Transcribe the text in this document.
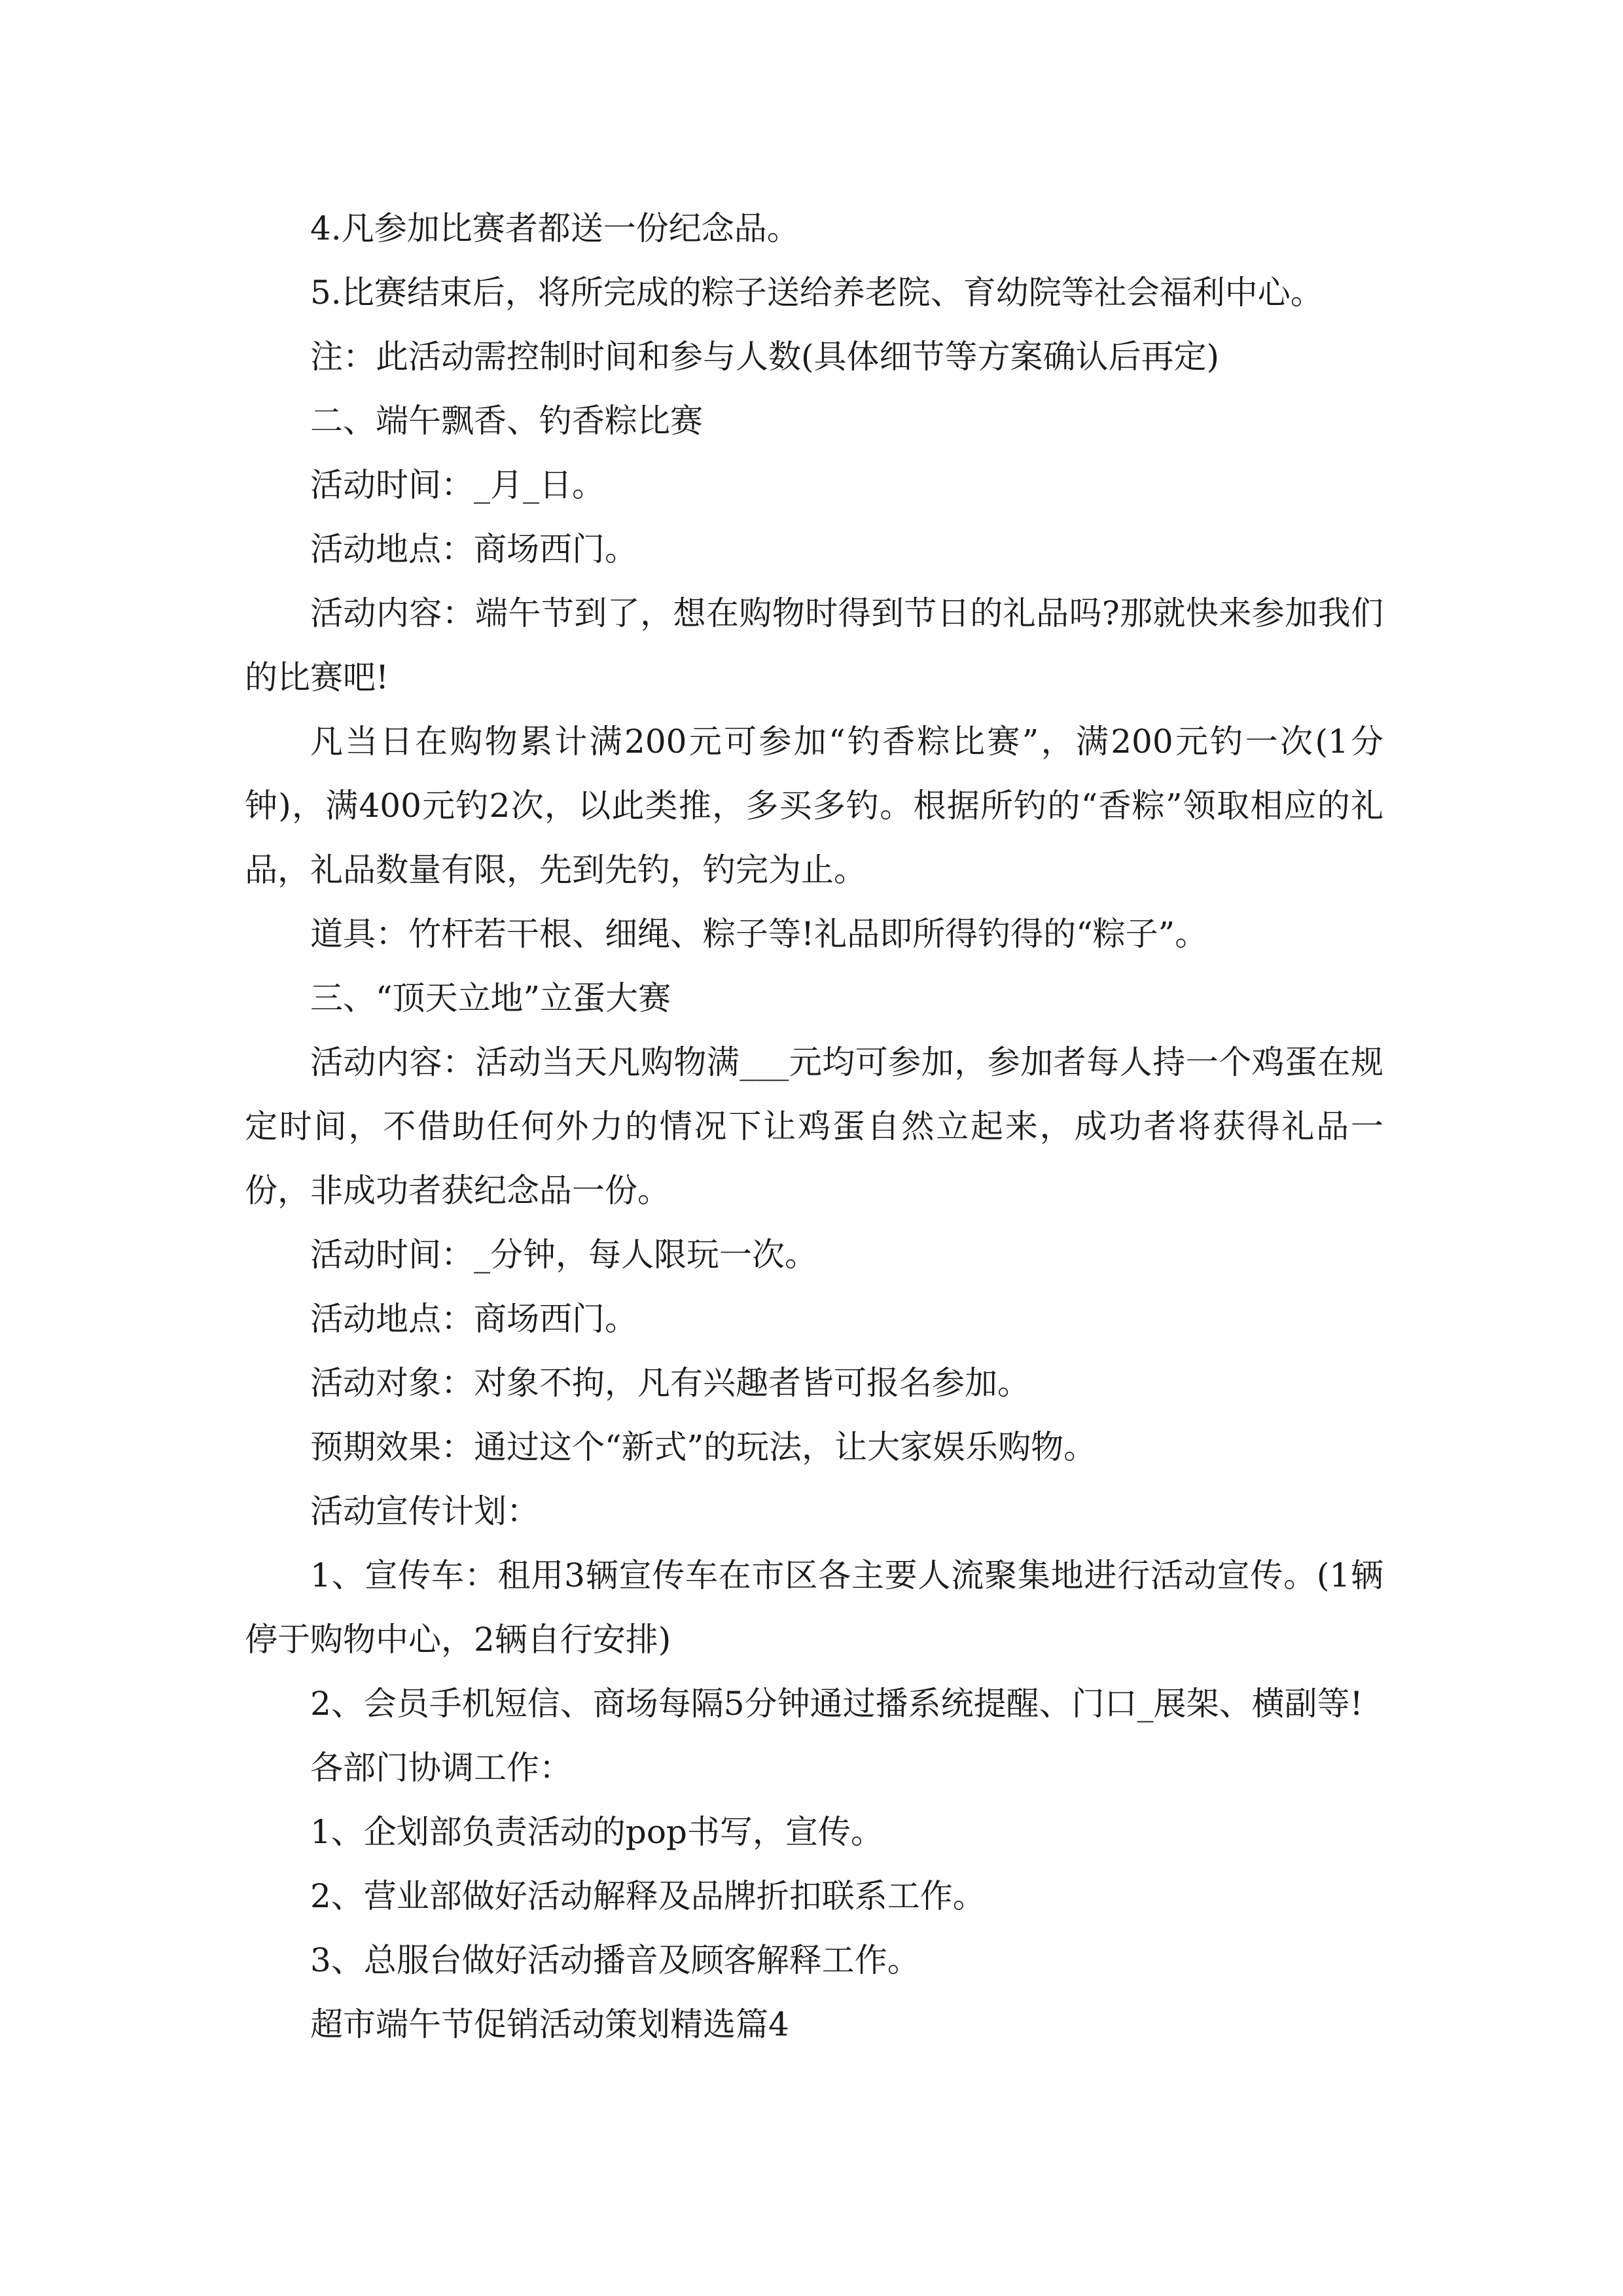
4.凡参加比赛者都送一份纪念品。

5.比赛结束后，将所完成的粽子送给养老院、育幼院等社会福利中心。

注：此活动需控制时间和参与人数(具体细节等方案确认后再定)

二、端午飘香、钓香粽比赛

活动时间：_月_日。

活动地点：商场西门。

活动内容：端午节到了，想在购物时得到节日的礼品吗?那就快来参加我们的比赛吧!

凡当日在购物累计满200元可参加“钓香粽比赛”，满200元钓一次(1分钟)，满400元钓2次，以此类推，多买多钓。根据所钓的“香粽”领取相应的礼品，礼品数量有限，先到先钓，钓完为止。

道具：竹杆若干根、细绳、粽子等!礼品即所得钓得的“粽子”。

三、“顶天立地”立蛋大赛

活动内容：活动当天凡购物满___元均可参加，参加者每人持一个鸡蛋在规定时间，不借助任何外力的情况下让鸡蛋自然立起来，成功者将获得礼品一份，非成功者获纪念品一份。

活动时间：_分钟，每人限玩一次。

活动地点：商场西门。

活动对象：对象不拘，凡有兴趣者皆可报名参加。

预期效果：通过这个“新式”的玩法，让大家娱乐购物。

活动宣传计划：

1、宣传车：租用3辆宣传车在市区各主要人流聚集地进行活动宣传。(1辆停于购物中心，2辆自行安排)

2、会员手机短信、商场每隔5分钟通过播系统提醒、门口_展架、横副等!

各部门协调工作：

1、企划部负责活动的pop书写，宣传。

2、营业部做好活动解释及品牌折扣联系工作。

3、总服台做好活动播音及顾客解释工作。

超市端午节促销活动策划精选篇4
